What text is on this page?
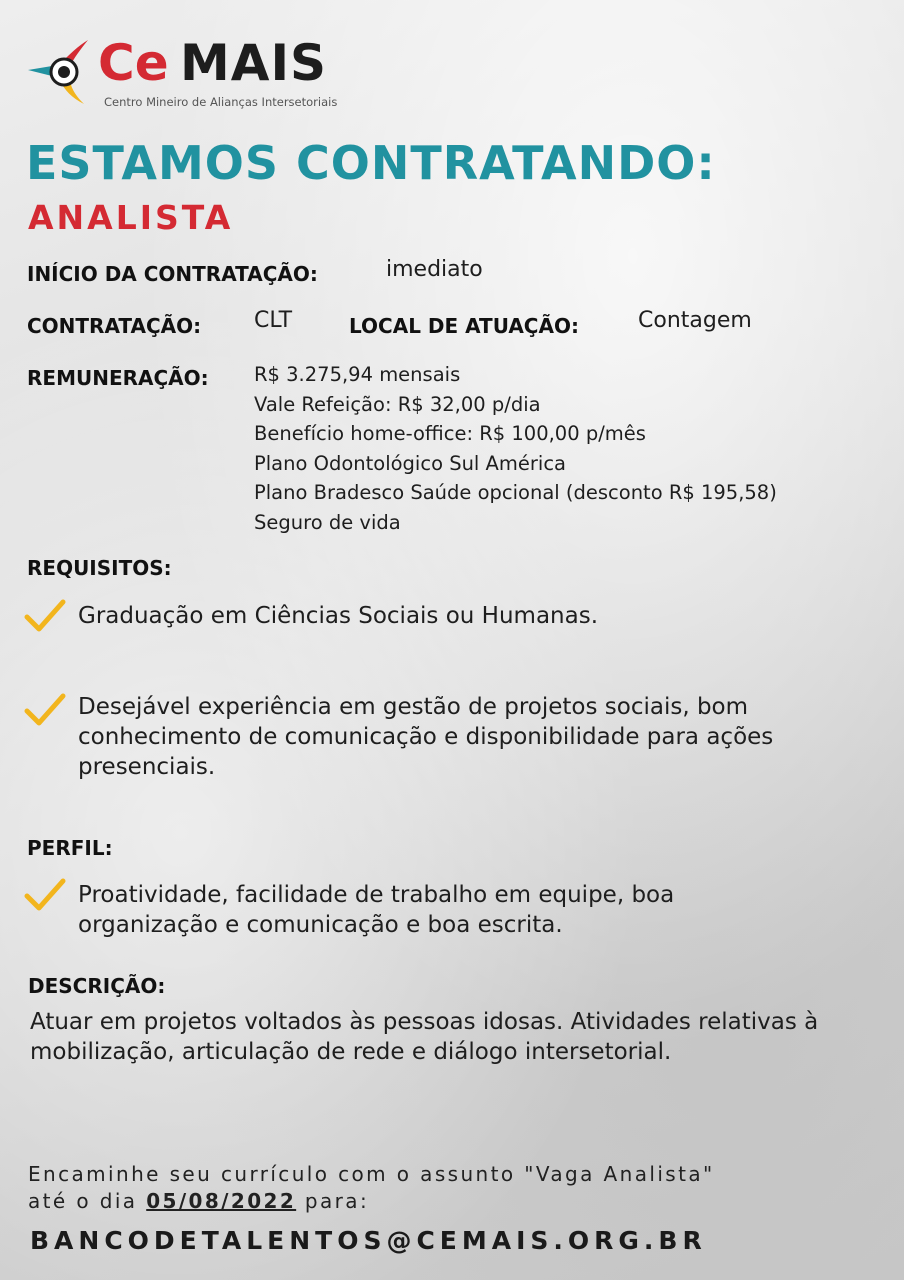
Ce MAIS
Centro Mineiro de Alianças Intersetoriais
ESTAMOS CONTRATANDO:
ANALISTA
INÍCIO DA CONTRATAÇÃO:	imediato
CONTRATAÇÃO: CLT	LOCAL DE ATUAÇÃO:	Contagem
REMUNERAÇÃO: R$ 3.275,94 mensais
Vale Refeição: R$ 32,00 p/dia
Benefício home-office: R$ 100,00 p/mês
Plano Odontológico Sul América
Plano Bradesco Saúde opcional (desconto R$ 195,58)
Seguro de vida
REQUISITOS:
Graduação em Ciências Sociais ou Humanas.
Desejável experiência em gestão de projetos sociais, bom conhecimento de comunicação e disponibilidade para ações presenciais.
PERFIL:
Proatividade, facilidade de trabalho em equipe, boa organização e comunicação e boa escrita.
DESCRIÇÃO:
Atuar em projetos voltados às pessoas idosas. Atividades relativas à mobilização, articulação de rede e diálogo intersetorial.
Encaminhe seu currículo com o assunto "Vaga Analista"
até o dia 05/08/2022 para:
BANCODETALENTOS@CEMAIS.ORG.BR
